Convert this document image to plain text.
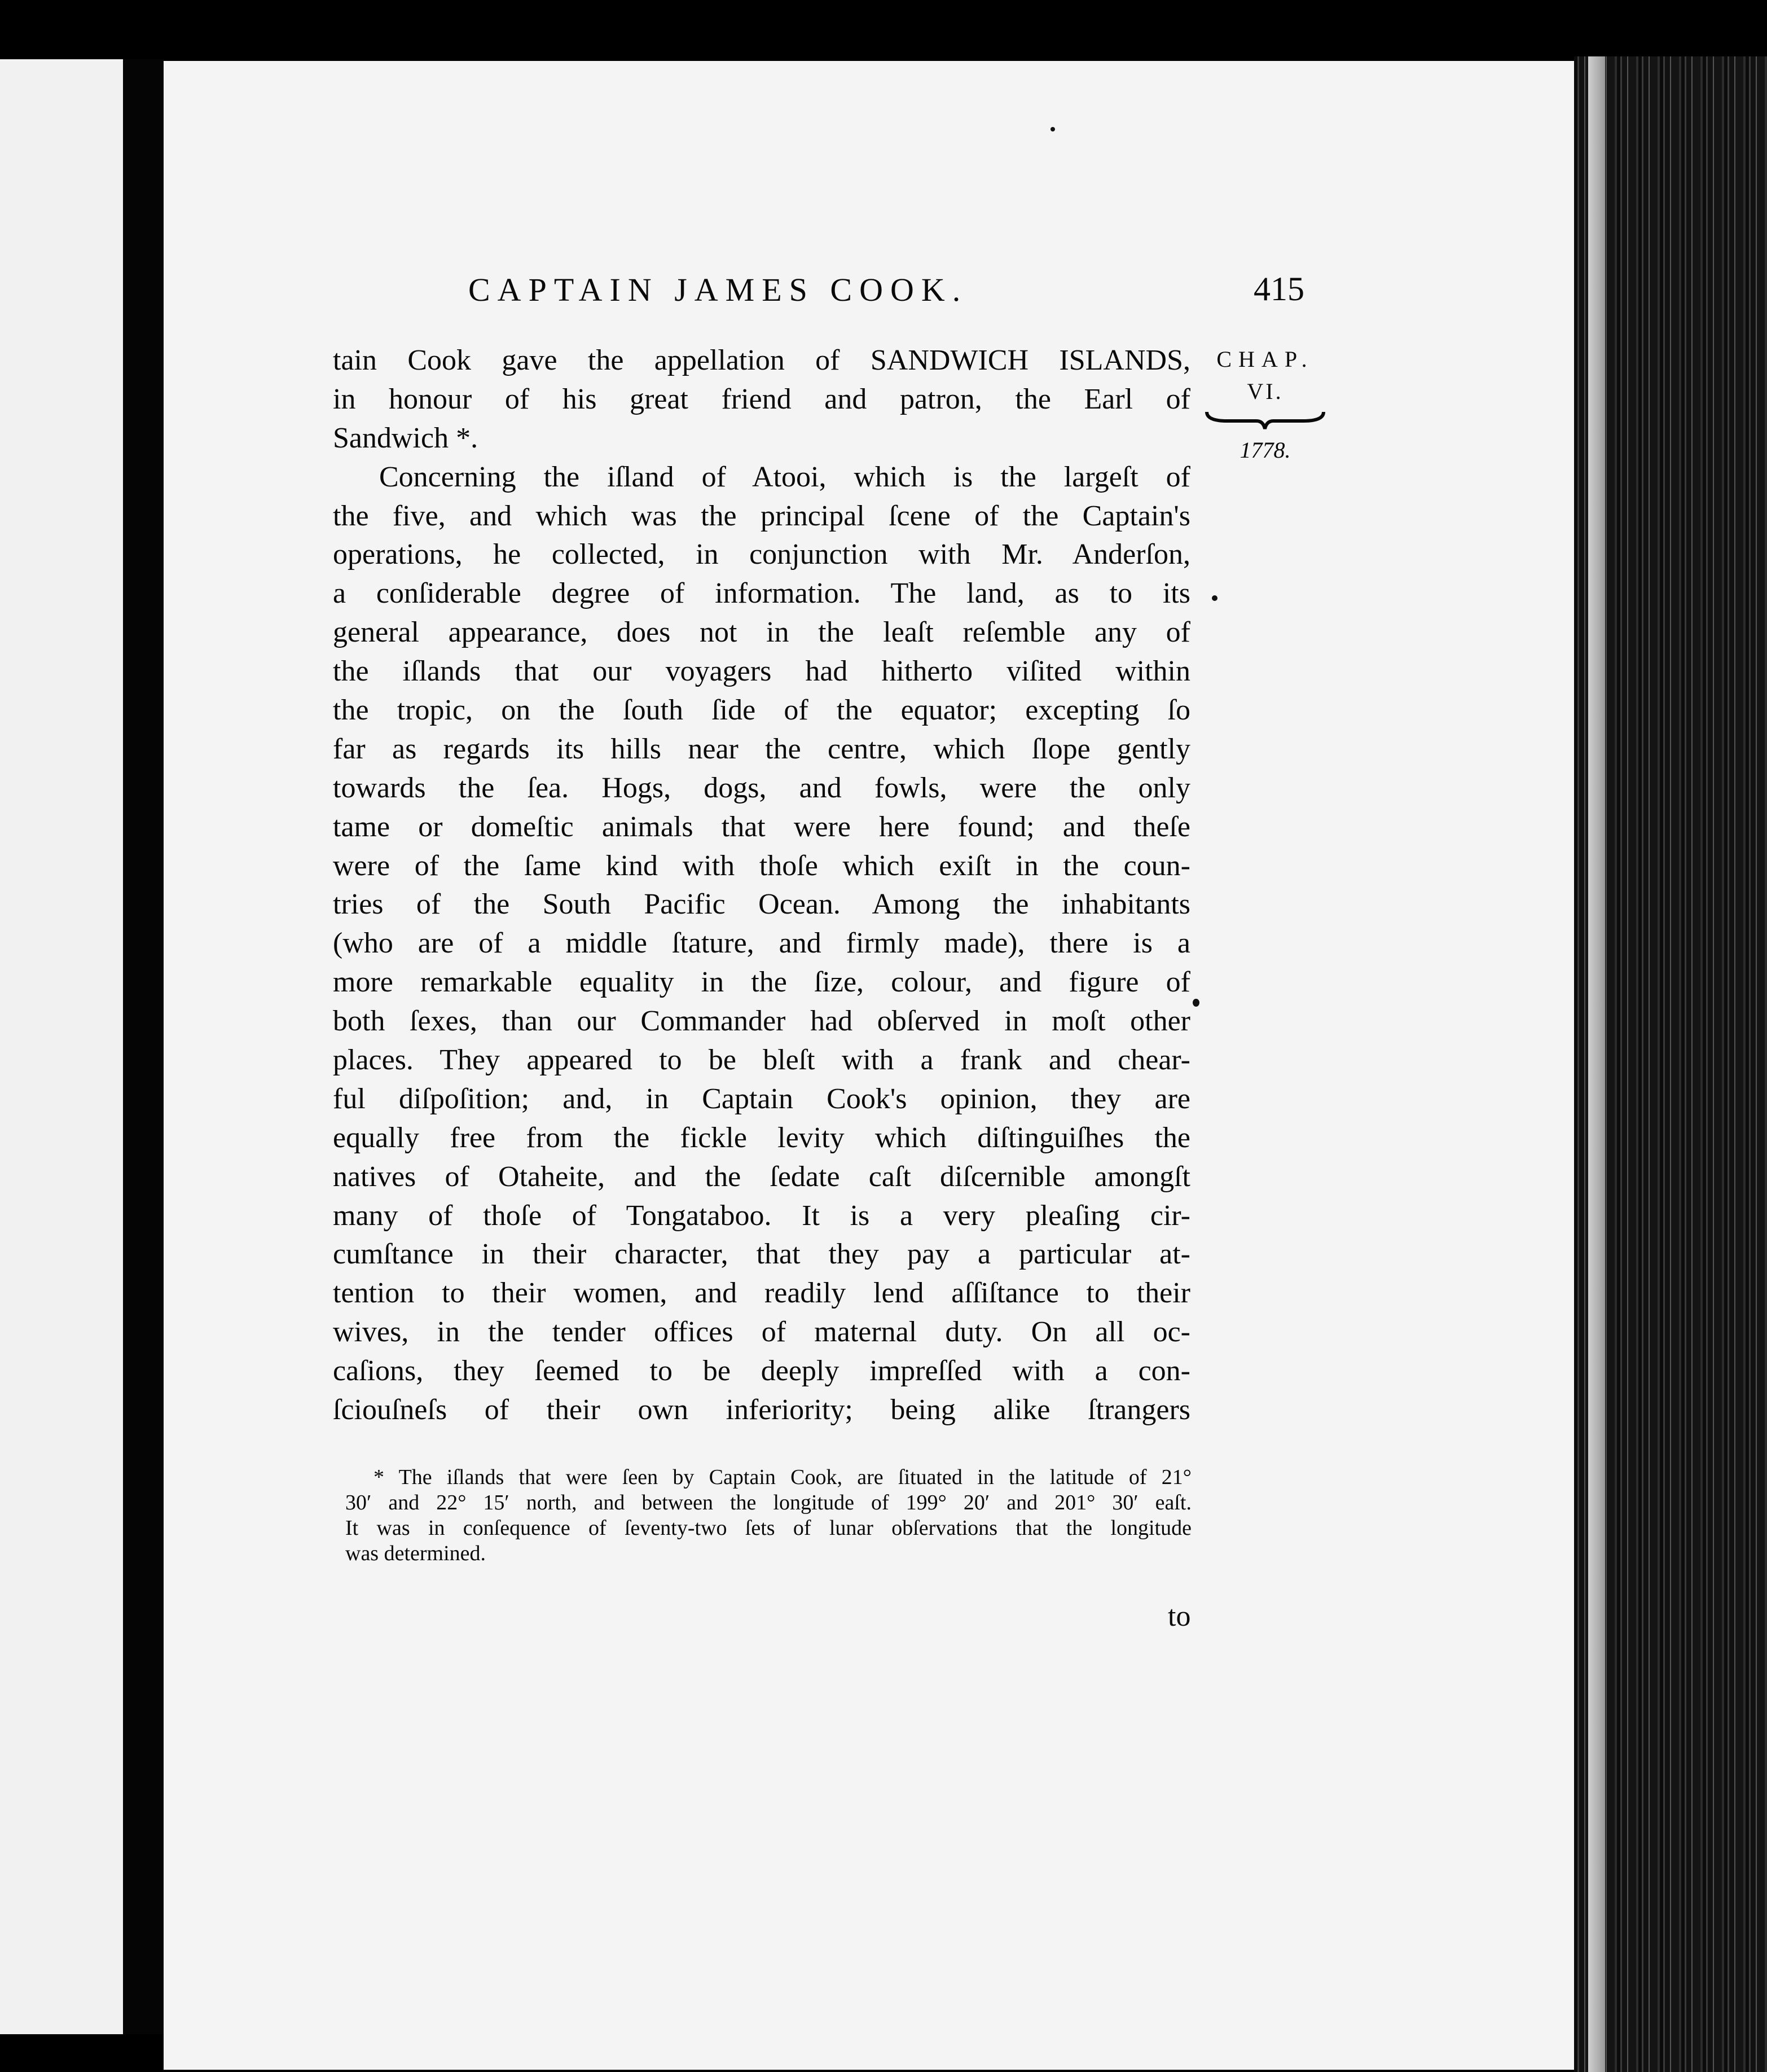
CAPTAIN JAMES COOK.	415
CHAP.
VI.
1778.
tain Cook gave the appellation of SANDWICH ISLANDS,
in honour of his great friend and patron, the Earl of
Sandwich *.
Concerning the iſland of Atooi, which is the largeſt of
the five, and which was the principal ſcene of the Captain's
operations, he collected, in conjunction with Mr. Anderſon,
a conſiderable degree of information. The land, as to its
general appearance, does not in the leaſt reſemble any of
the iſlands that our voyagers had hitherto viſited within
the tropic, on the ſouth ſide of the equator; excepting ſo
far as regards its hills near the centre, which ſlope gently
towards the ſea. Hogs, dogs, and fowls, were the only
tame or domeſtic animals that were here found; and theſe
were of the ſame kind with thoſe which exiſt in the coun-
tries of the South Pacific Ocean. Among the inhabitants
(who are of a middle ſtature, and firmly made), there is a
more remarkable equality in the ſize, colour, and figure of
both ſexes, than our Commander had obſerved in moſt other
places. They appeared to be bleſt with a frank and chear-
ful diſpoſition; and, in Captain Cook's opinion, they are
equally free from the fickle levity which diſtinguiſhes the
natives of Otaheite, and the ſedate caſt diſcernible amongſt
many of thoſe of Tongataboo. It is a very pleaſing cir-
cumſtance in their character, that they pay a particular at-
tention to their women, and readily lend aſſiſtance to their
wives, in the tender offices of maternal duty. On all oc-
caſions, they ſeemed to be deeply impreſſed with a con-
ſciouſneſs of their own inferiority; being alike ſtrangers
* The iſlands that were ſeen by Captain Cook, are ſituated in the latitude of 21°
30′ and 22° 15′ north, and between the longitude of 199° 20′ and 201° 30′ eaſt.
It was in conſequence of ſeventy-two ſets of lunar obſervations that the longitude
was determined.
to
